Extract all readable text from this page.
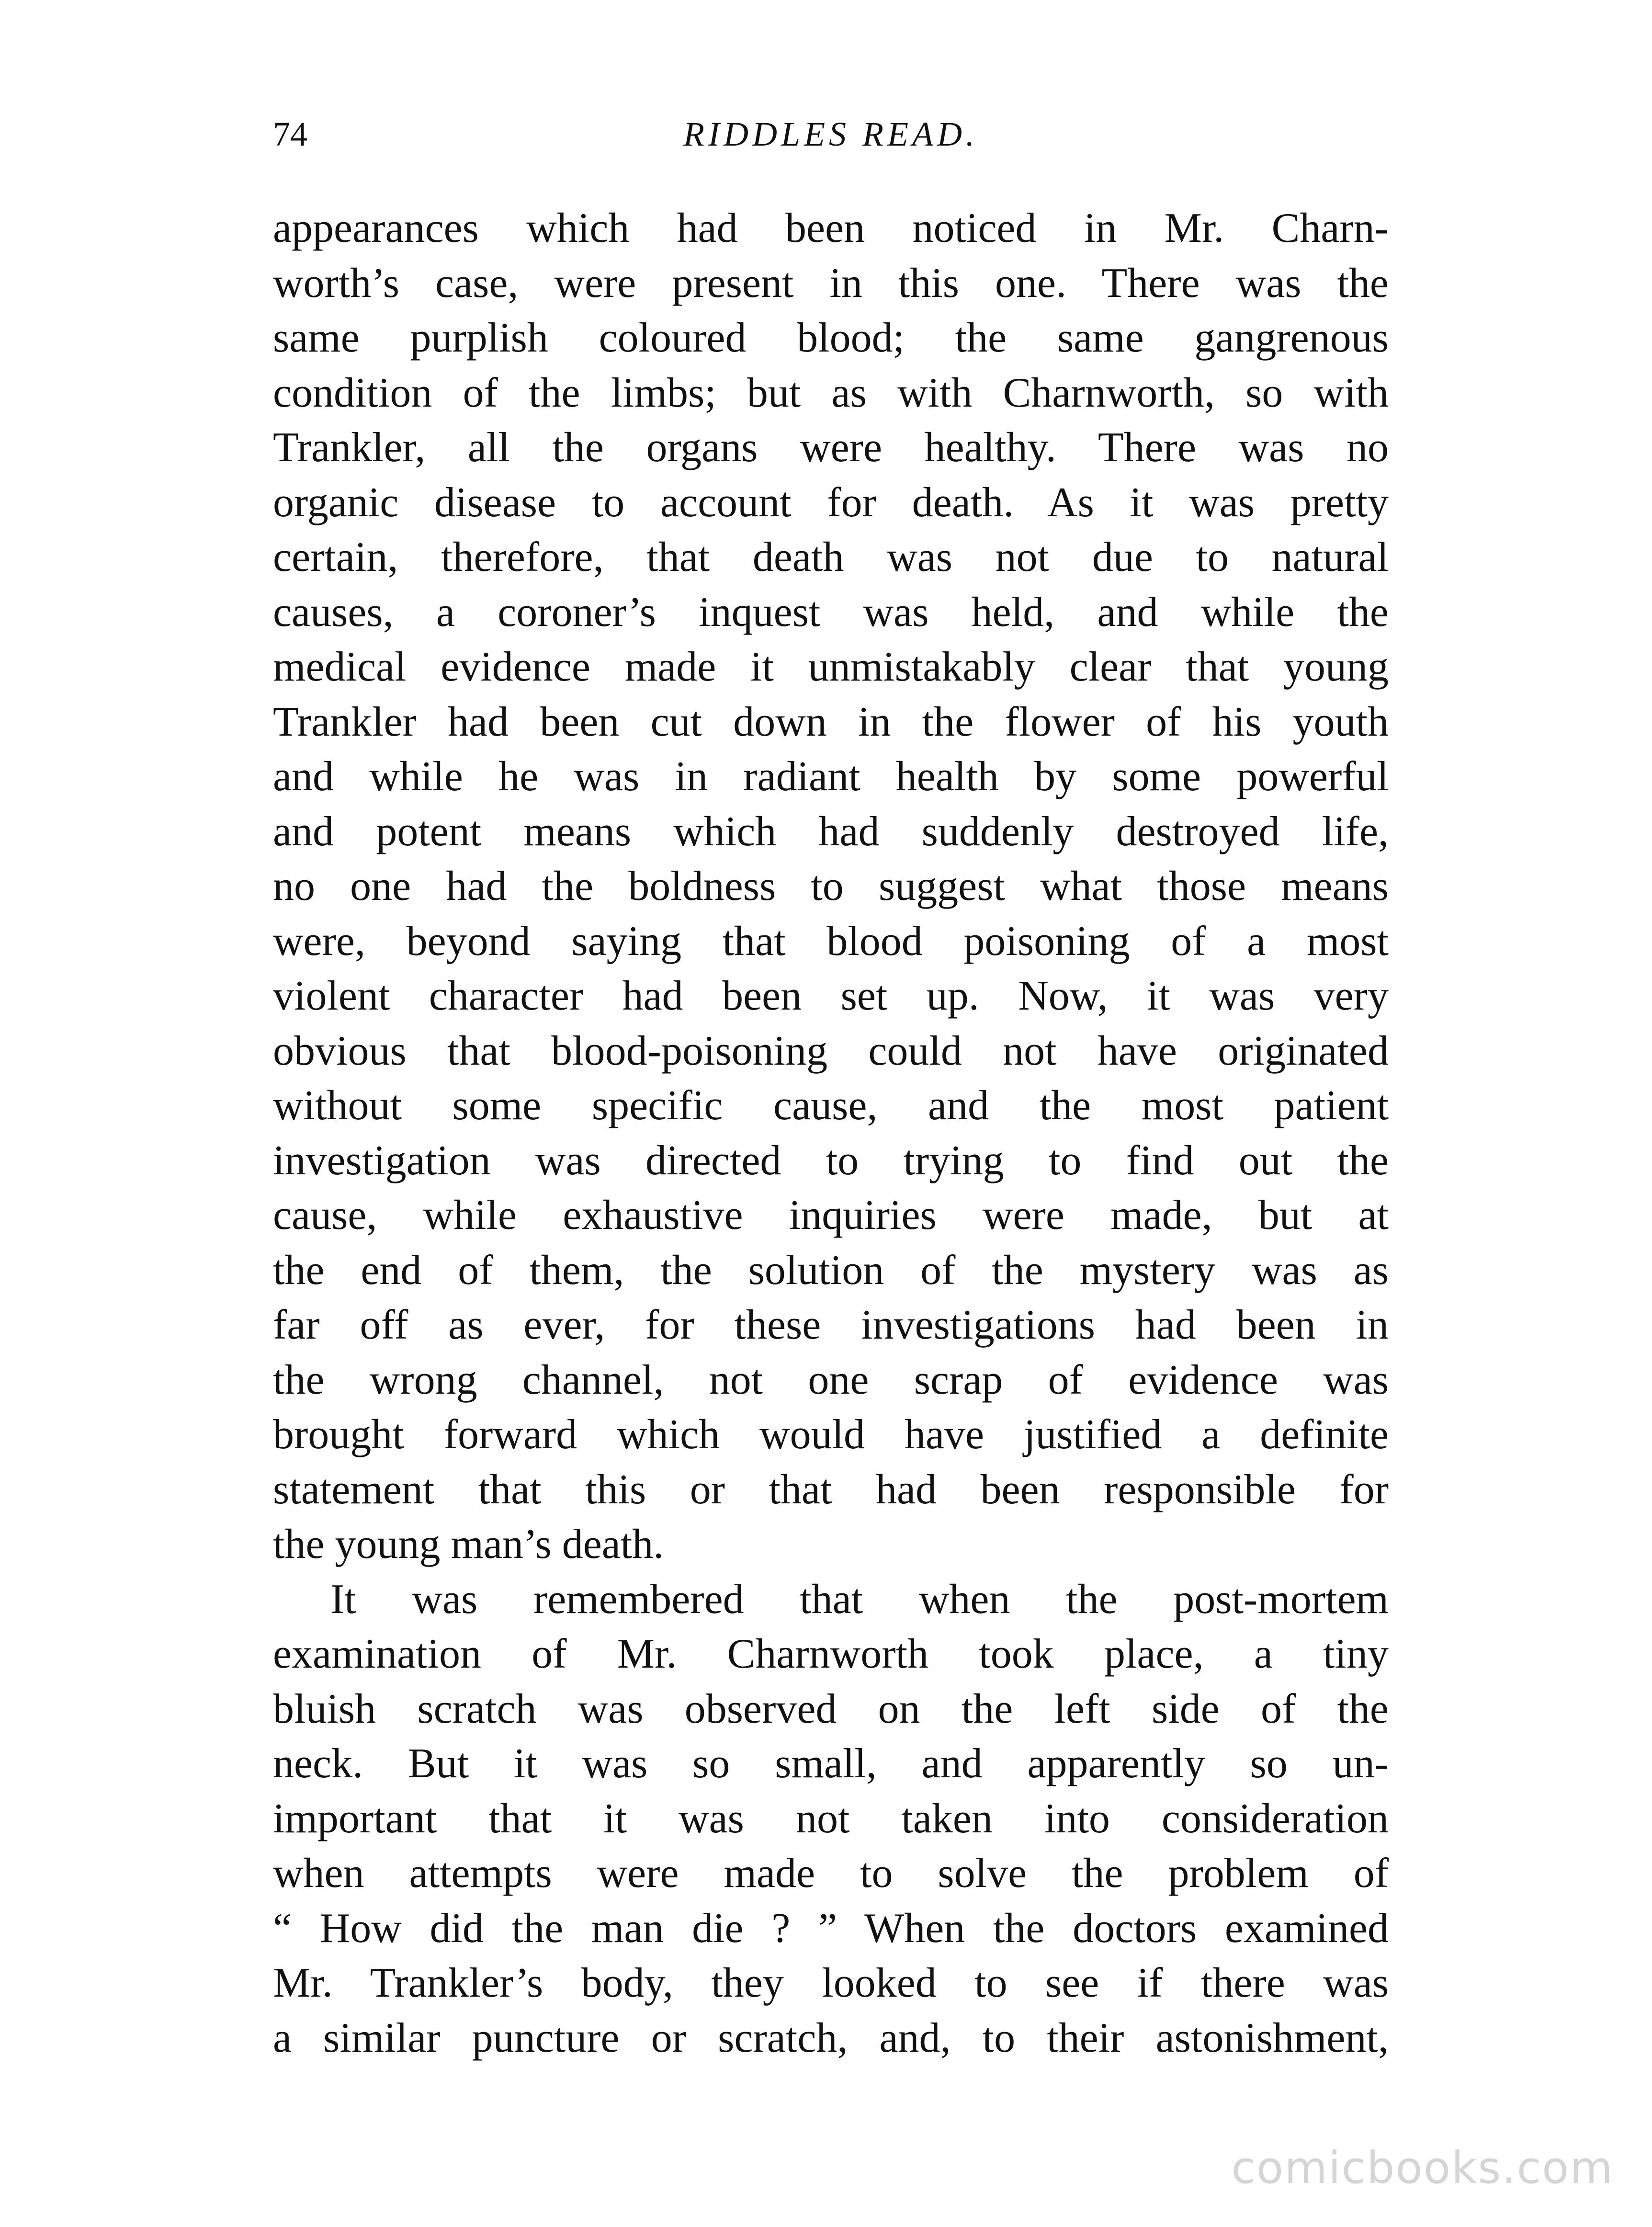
74	RIDDLES READ.
appearances which had been noticed in Mr. Charn-
worth’s case, were present in this one. There was the
same purplish coloured blood; the same gangrenous
condition of the limbs; but as with Charnworth, so with
Trankler, all the organs were healthy. There was no
organic disease to account for death. As it was pretty
certain, therefore, that death was not due to natural
causes, a coroner’s inquest was held, and while the
medical evidence made it unmistakably clear that young
Trankler had been cut down in the flower of his youth
and while he was in radiant health by some powerful
and potent means which had suddenly destroyed life,
no one had the boldness to suggest what those means
were, beyond saying that blood poisoning of a most
violent character had been set up. Now, it was very
obvious that blood-poisoning could not have originated
without some specific cause, and the most patient
investigation was directed to trying to find out the
cause, while exhaustive inquiries were made, but at
the end of them, the solution of the mystery was as
far off as ever, for these investigations had been in
the wrong channel, not one scrap of evidence was
brought forward which would have justified a definite
statement that this or that had been responsible for
the young man’s death.
It was remembered that when the post-mortem
examination of Mr. Charnworth took place, a tiny
bluish scratch was observed on the left side of the
neck. But it was so small, and apparently so un-
important that it was not taken into consideration
when attempts were made to solve the problem of
“ How did the man die ? ” When the doctors examined
Mr. Trankler’s body, they looked to see if there was
a similar puncture or scratch, and, to their astonishment,
comicbooks.com
